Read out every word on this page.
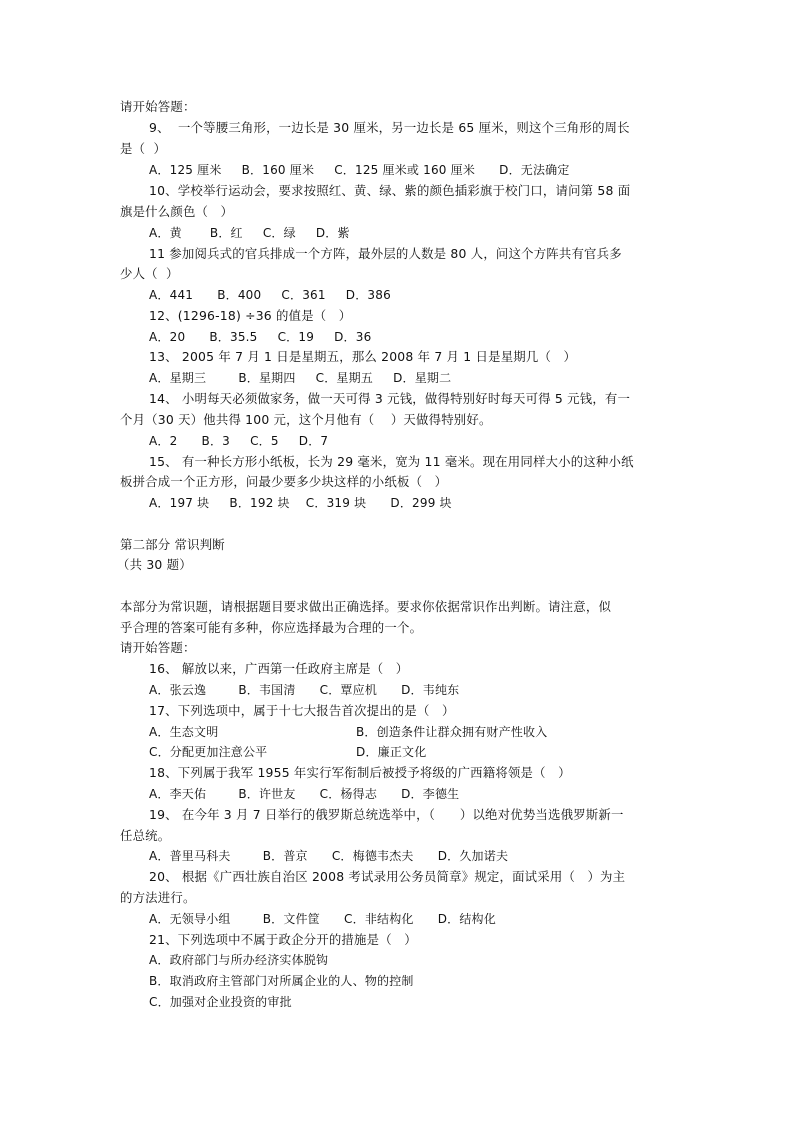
请开始答题：
9、  一个等腰三角形，一边长是 30 厘米，另一边长是 65 厘米，则这个三角形的周长
是（  ）
A．125 厘米     B．160 厘米     C．125 厘米或 160 厘米      D．无法确定
10、学校举行运动会，要求按照红、黄、绿、紫的颜色插彩旗于校门口，请问第 58 面
旗是什么颜色（   ）
A．黄       B．红     C．绿     D．紫
11 参加阅兵式的官兵排成一个方阵，最外层的人数是 80 人，问这个方阵共有官兵多
少人（  ）
A．441      B．400     C．361     D．386
12、(1296-18) ÷36 的值是（   ）
A．20      B．35.5     C．19     D．36
13、 2005 年 7 月 1 日是星期五，那么 2008 年 7 月 1 日是星期几（   ）
A．星期三        B．星期四     C．星期五     D．星期二
14、 小明每天必须做家务，做一天可得 3 元钱，做得特别好时每天可得 5 元钱，有一
个月（30 天）他共得 100 元，这个月他有（    ）天做得特别好。
A．2      B．3     C．5     D．7
15、 有一种长方形小纸板，长为 29 毫米，宽为 11 毫米。现在用同样大小的这种小纸
板拼合成一个正方形，问最少要多少块这样的小纸板（   ）
A．197 块     B．192 块    C．319 块      D．299 块
第二部分 常识判断
（共 30 题）
本部分为常识题，请根据题目要求做出正确选择。要求你依据常识作出判断。请注意，似
乎合理的答案可能有多种，你应选择最为合理的一个。
请开始答题：
16、 解放以来，广西第一任政府主席是（   ）
A．张云逸        B．韦国清      C．覃应机      D．韦纯东
17、下列选项中，属于十七大报告首次提出的是（   ）
A．生态文明	B．创造条件让群众拥有财产性收入
C．分配更加注意公平	D．廉正文化
18、下列属于我军 1955 年实行军衔制后被授予将级的广西籍将领是（   ）
A．李天佑        B．许世友      C．杨得志      D．李德生
19、 在今年 3 月 7 日举行的俄罗斯总统选举中，（      ）以绝对优势当选俄罗斯新一
任总统。
A．普里马科夫        B．普京      C．梅德韦杰夫      D．久加诺夫
20、 根据《广西壮族自治区 2008 考试录用公务员简章》规定，面试采用（   ）为主
的方法进行。
A．无领导小组        B．文件筐      C．非结构化      D．结构化
21、下列选项中不属于政企分开的措施是（   ）
A．政府部门与所办经济实体脱钩
B．取消政府主管部门对所属企业的人、物的控制
C．加强对企业投资的审批
